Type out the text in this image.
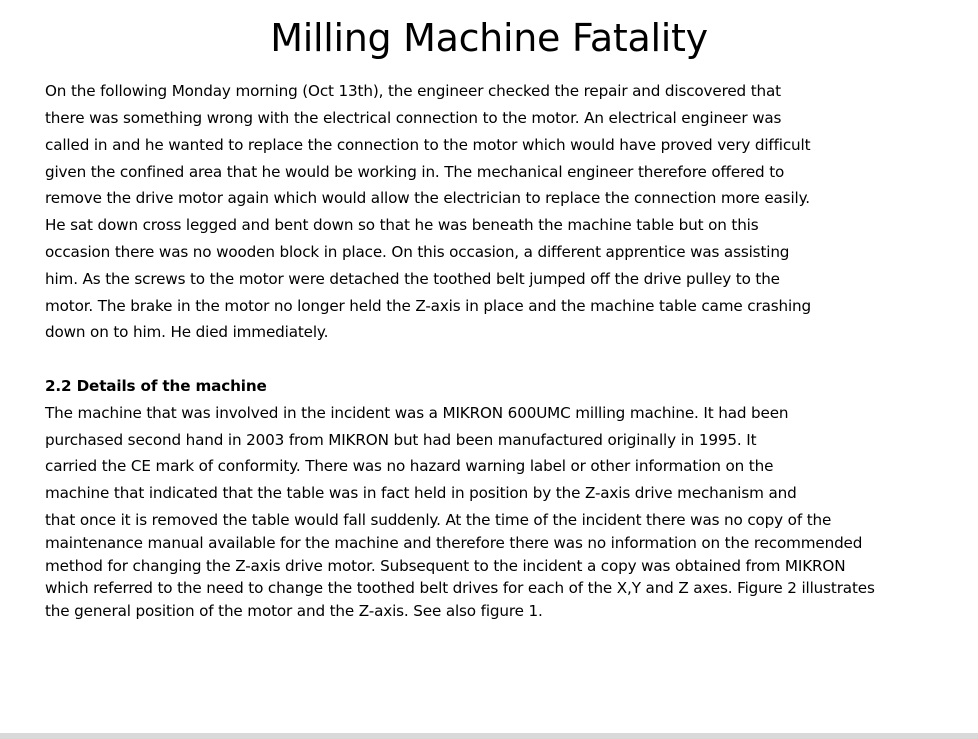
Milling Machine Fatality
On the following Monday morning (Oct 13th), the engineer checked the repair and discovered that
there was something wrong with the electrical connection to the motor. An electrical engineer was
called in and he wanted to replace the connection to the motor which would have proved very difficult
given the confined area that he would be working in. The mechanical engineer therefore offered to
remove the drive motor again which would allow the electrician to replace the connection more easily.
He sat down cross legged and bent down so that he was beneath the machine table but on this
occasion there was no wooden block in place. On this occasion, a different apprentice was assisting
him. As the screws to the motor were detached the toothed belt jumped off the drive pulley to the
motor. The brake in the motor no longer held the Z-axis in place and the machine table came crashing
down on to him. He died immediately.
2.2 Details of the machine
The machine that was involved in the incident was a MIKRON 600UMC milling machine. It had been
purchased second hand in 2003 from MIKRON but had been manufactured originally in 1995. It
carried the CE mark of conformity. There was no hazard warning label or other information on the
machine that indicated that the table was in fact held in position by the Z-axis drive mechanism and
that once it is removed the table would fall suddenly. At the time of the incident there was no copy of the
maintenance manual available for the machine and therefore there was no information on the recommended
method for changing the Z-axis drive motor. Subsequent to the incident a copy was obtained from MIKRON
which referred to the need to change the toothed belt drives for each of the X,Y and Z axes. Figure 2 illustrates
the general position of the motor and the Z-axis. See also figure 1.
